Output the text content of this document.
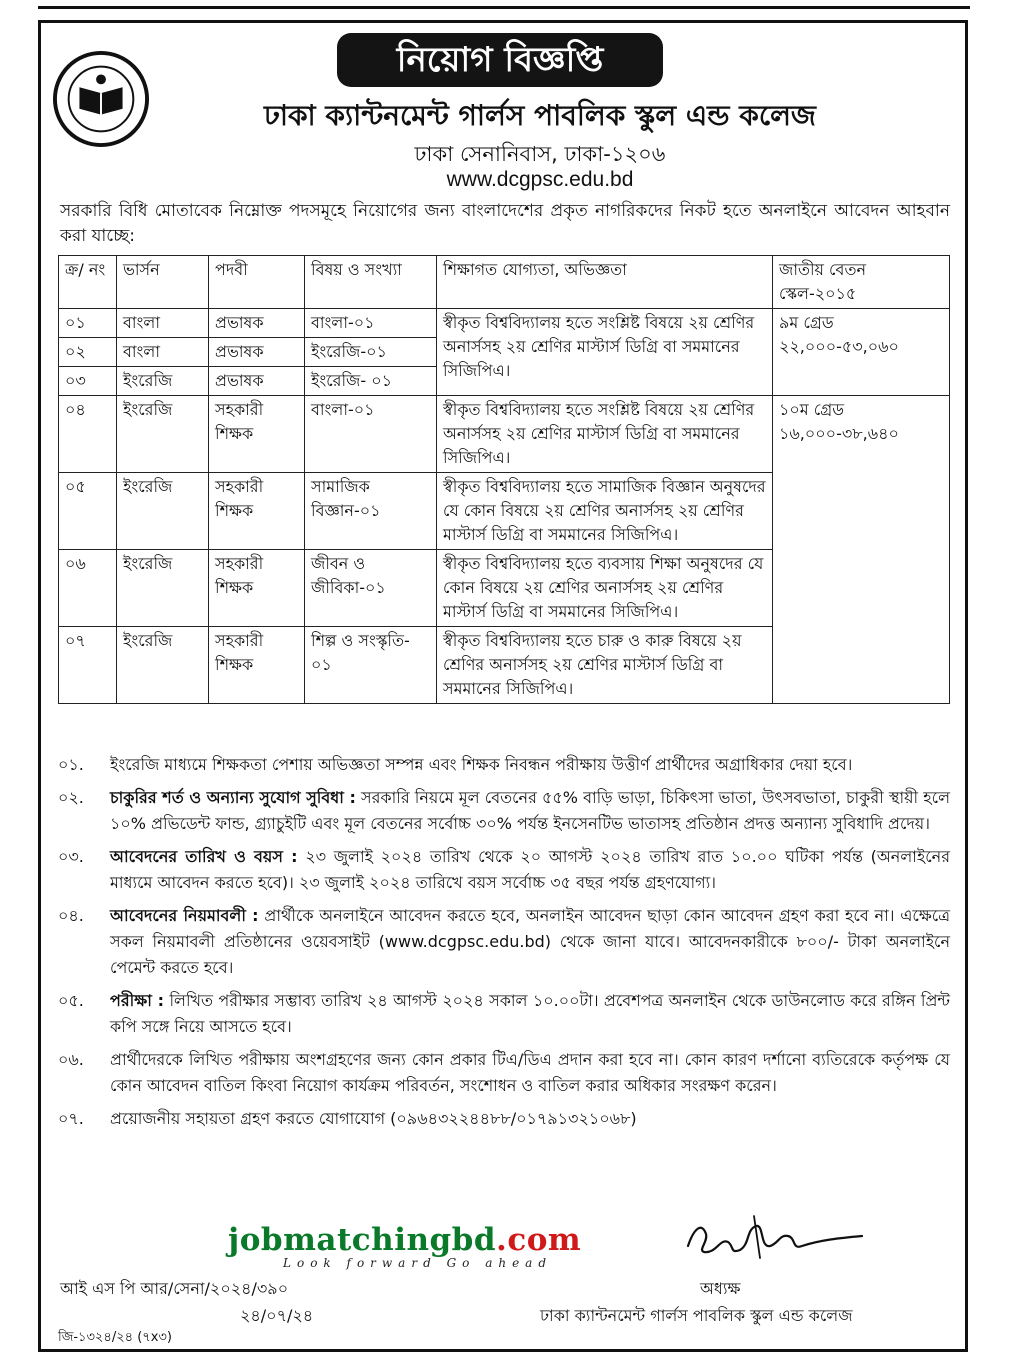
নিয়োগ বিজ্ঞপ্তি
ঢাকা ক্যান্টনমেন্ট গার্লস পাবলিক স্কুল এন্ড কলেজ
ঢাকা সেনানিবাস, ঢাকা-১২০৬
www.dcgpsc.edu.bd
সরকারি বিধি মোতাবেক নিম্নোক্ত পদসমূহে নিয়োগের জন্য বাংলাদেশের প্রকৃত নাগরিকদের নিকট হতে অনলাইনে আবেদন আহবান করা যাচ্ছে:
ক্র/ নং	ভার্সন	পদবী	বিষয় ও সংখ্যা	শিক্ষাগত যোগ্যতা, অভিজ্ঞতা	জাতীয় বেতন স্কেল-২০১৫
০১	বাংলা	প্রভাষক	বাংলা-০১	স্বীকৃত বিশ্ববিদ্যালয় হতে সংশ্লিষ্ট বিষয়ে ২য় শ্রেণির অনার্সসহ ২য় শ্রেণির মাস্টার্স ডিগ্রি বা সমমানের সিজিপিএ।	৯ম গ্রেড
২২,০০০-৫৩,০৬০

০২	বাংলা	প্রভাষক	ইংরেজি-০১		
০৩	ইংরেজি	প্রভাষক	ইংরেজি- ০১		
০৪	ইংরেজি	সহকারী শিক্ষক	বাংলা-০১	স্বীকৃত বিশ্ববিদ্যালয় হতে সংশ্লিষ্ট বিষয়ে ২য় শ্রেণির অনার্সসহ ২য় শ্রেণির মাস্টার্স ডিগ্রি বা সমমানের সিজিপিএ।	১০ম গ্রেড
১৬,০০০-৩৮,৬৪০

০৫	ইংরেজি	সহকারী শিক্ষক	সামাজিক বিজ্ঞান-০১	স্বীকৃত বিশ্ববিদ্যালয় হতে সামাজিক বিজ্ঞান অনুষদের যে কোন বিষয়ে ২য় শ্রেণির অনার্সসহ ২য় শ্রেণির মাস্টার্স ডিগ্রি বা সমমানের সিজিপিএ।	
০৬	ইংরেজি	সহকারী শিক্ষক	জীবন ও জীবিকা-০১	স্বীকৃত বিশ্ববিদ্যালয় হতে ব্যবসায় শিক্ষা অনুষদের যে কোন বিষয়ে ২য় শ্রেণির অনার্সসহ ২য় শ্রেণির মাস্টার্স ডিগ্রি বা সমমানের সিজিপিএ।	
০৭	ইংরেজি	সহকারী শিক্ষক	শিল্প ও সংস্কৃতি- ০১	স্বীকৃত বিশ্ববিদ্যালয় হতে চারু ও কারু বিষয়ে ২য় শ্রেণির অনার্সসহ ২য় শ্রেণির মাস্টার্স ডিগ্রি বা সমমানের সিজিপিএ।	
০১.	ইংরেজি মাধ্যমে শিক্ষকতা পেশায় অভিজ্ঞতা সম্পন্ন এবং শিক্ষক নিবন্ধন পরীক্ষায় উত্তীর্ণ প্রার্থীদের অগ্রাধিকার দেয়া হবে।
০২.	চাকুরির শর্ত ও অন্যান্য সুযোগ সুবিধা : সরকারি নিয়মে মূল বেতনের ৫৫% বাড়ি ভাড়া, চিকিৎসা ভাতা, উৎসবভাতা, চাকুরী স্থায়ী হলে ১০% প্রভিডেন্ট ফান্ড, গ্র্যাচুইটি এবং মূল বেতনের সর্বোচ্চ ৩০% পর্যন্ত ইনসেনটিভ ভাতাসহ প্রতিষ্ঠান প্রদত্ত অন্যান্য সুবিধাদি প্রদেয়।
০৩.	আবেদনের তারিখ ও বয়স : ২৩ জুলাই ২০২৪ তারিখ থেকে ২০ আগস্ট ২০২৪ তারিখ রাত ১০.০০ ঘটিকা পর্যন্ত (অনলাইনের মাধ্যমে আবেদন করতে হবে)। ২৩ জুলাই ২০২৪ তারিখে বয়স সর্বোচ্চ ৩৫ বছর পর্যন্ত গ্রহণযোগ্য।
০৪.	আবেদনের নিয়মাবলী : প্রার্থীকে অনলাইনে আবেদন করতে হবে, অনলাইন আবেদন ছাড়া কোন আবেদন গ্রহণ করা হবে না। এক্ষেত্রে সকল নিয়মাবলী প্রতিষ্ঠানের ওয়েবসাইট (www.dcgpsc.edu.bd) থেকে জানা যাবে। আবেদনকারীকে ৮০০/- টাকা অনলাইনে পেমেন্ট করতে হবে।
০৫.	পরীক্ষা : লিখিত পরীক্ষার সম্ভাব্য তারিখ ২৪ আগস্ট ২০২৪ সকাল ১০.০০টা। প্রবেশপত্র অনলাইন থেকে ডাউনলোড করে রঙ্গিন প্রিন্ট কপি সঙ্গে নিয়ে আসতে হবে।
০৬.	প্রার্থীদেরকে লিখিত পরীক্ষায় অংশগ্রহণের জন্য কোন প্রকার টিএ/ডিএ প্রদান করা হবে না। কোন কারণ দর্শানো ব্যতিরেকে কর্তৃপক্ষ যে কোন আবেদন বাতিল কিংবা নিয়োগ কার্যক্রম পরিবর্তন, সংশোধন ও বাতিল করার অধিকার সংরক্ষণ করেন।
০৭.	প্রয়োজনীয় সহায়তা গ্রহণ করতে যোগাযোগ (০৯৬৪৩২২৪৪৮৮/০১৭৯১৩২১০৬৮)
jobmatchingbd.com
Look forward Go ahead
অধ্যক্ষ
ঢাকা ক্যান্টনমেন্ট গার্লস পাবলিক স্কুল এন্ড কলেজ
আই এস পি আর/সেনা/২০২৪/৩৯০
২৪/০৭/২৪
জি-১৩২৪/২৪ (৭x৩)
